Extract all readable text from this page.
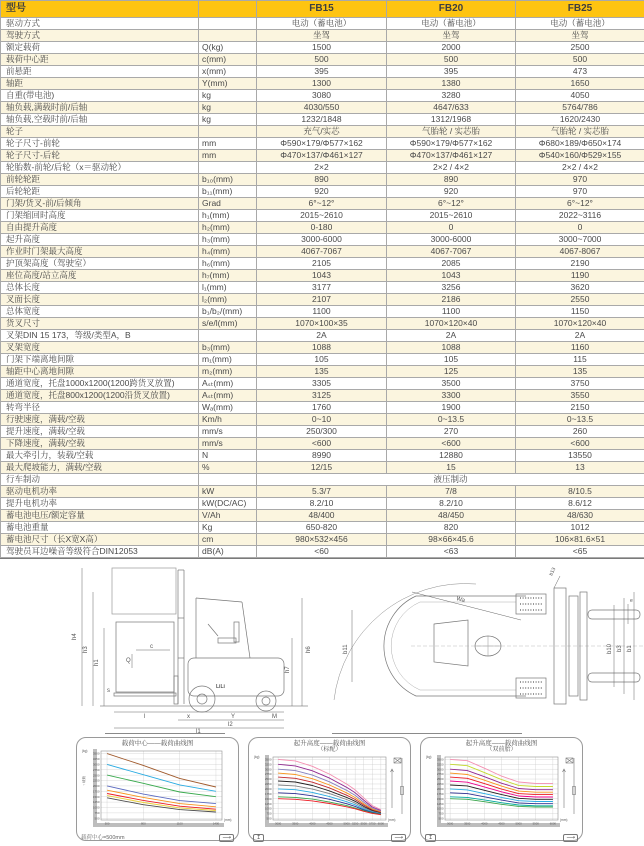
型号		FB15	FB20	FB25
驱动方式		电动（蓄电池）	电动（蓄电池）	电动（蓄电池）
驾驶方式		坐驾	坐驾	坐驾
额定载荷	Q(kg)	1500	2000	2500
载荷中心距	c(mm)	500	500	500
前悬距	x(mm)	395	395	473
轴距	Y(mm)	1300	1380	1650
自重(带电池)	kg	3080	3280	4050
轴负载,满载时前/后轴	kg	4030/550	4647/633	5764/786
轴负载,空载时前/后轴	kg	1232/1848	1312/1968	1620/2430
轮子		充气/实芯	气胎轮 / 实芯胎	气胎轮 / 实芯胎
轮子尺寸-前轮	mm	Φ590×179/Φ577×162	Φ590×179/Φ577×162	Φ680×189/Φ650×174
轮子尺寸-后轮	mm	Φ470×137/Φ461×127	Φ470×137/Φ461×127	Φ540×160/Φ529×155
轮胎数-前轮/后轮（x＝驱动轮）		2×2	2×2 / 4×2	2×2 / 4×2
前轮轮距	b₁₀(mm)	890	890	970
后轮轮距	b₁₁(mm)	920	920	970
门架/货叉-前/后倾角	Grad	6°~12°	6°~12°	6°~12°
门架缩回时高度	h₁(mm)	2015~2610	2015~2610	2022~3116
自由提升高度	h₂(mm)	0-180	0	0
起升高度	h₃(mm)	3000-6000	3000-6000	3000~7000
作业时门架最大高度	h₄(mm)	4067-7067	4067-7067	4067-8067
护顶架高度（驾驶室）	h₆(mm)	2105	2085	2190
座位高度/站立高度	h₇(mm)	1043	1043	1190
总体长度	l₁(mm)	3177	3256	3620
叉面长度	l₂(mm)	2107	2186	2550
总体宽度	b₁/b₂/(mm)	1100	1100	1150
货叉尺寸	s/e/l(mm)	1070×100×35	1070×120×40	1070×120×40
叉架DIN 15 173，等级/类型A，B		2A	2A	2A
叉架宽度	b₃(mm)	1088	1088	1160
门架下端离地间隙	m₁(mm)	105	105	115
轴距中心离地间隙	m₂(mm)	135	125	135
通道宽度，托盘1000x1200(1200跨货叉放置)	Aₛₜ(mm)	3305	3500	3750
通道宽度，托盘800x1200(1200沿货叉放置)	Aₛₜ(mm)	3125	3300	3550
转弯半径	Wₐ(mm)	1760	1900	2150
行驶速度，满载/空载	Km/h	0~10	0~13.5	0~13.5
提升速度，满载/空载	mm/s	250/300	270	260
下降速度，满载/空载	mm/s	<600	<600	<600
最大牵引力，装载/空载	N	8990	12880	13550
最大爬坡能力，满载/空载	%	12/15	15	13
行车制动		液压制动		
驱动电机功率	kW	5.3/7	7/8	8/10.5
提升电机功率	kW(DC/AC)	8.2/10	8.2/10	8.6/12
蓄电池电压/额定容量	V/Ah	48/400	48/450	48/630
蓄电池重量	Kg	650-820	820	1012
蓄电池尺寸（长X宽X高）	cm	980×532×456	98×66×45.6	106×81.6×51
驾驶员耳边噪音等级符合DIN12053	dB(A)	<60	<63	<65
h4
h3
h1
h6
h7
Q
c
s
x	Y	M
l
l2
l1
LiLi
Wa
b13
b11	b10 b3 b1
e
载荷中心——载荷曲线图
3500
3250
3000
2750
2500
2250
2000
1750
1500
1250
1000
750
500
500	800	1100	1400
(kg)
(mm)
↑ 载荷
载荷中心=500mm	⟶
起升高度——载荷曲线图
（标配）
3500
3250
3000
2750
2500
2250
2000
1750
1500
1250
1000
750
500
3000	3500	4000	4500	5000 5250 5500 5750 6000
(kg)
(mm)
↥	⟶
起升高度——载荷曲线图
（双前胎）
3500
3250
3000
2750
2500
2250
2000
1750
1500
1250
1000
750
500
3000	3500	4000	4500	5000	5500	6000
(kg)
(mm)
↥	⟶
